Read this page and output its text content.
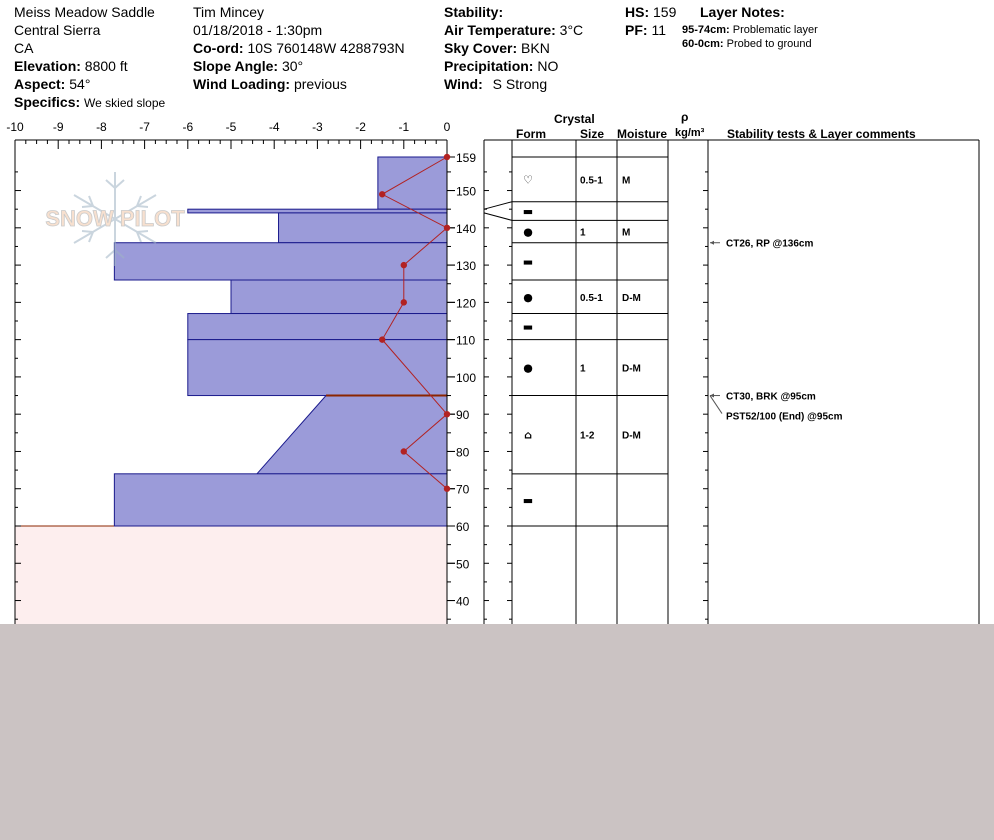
Meiss Meadow Saddle
Central Sierra
CA
Elevation: 8800 ft
Aspect: 54°
Specifics: We skied slope
Tim Mincey
01/18/2018 - 1:30pm
Co-ord: 10S 760148W 4288793N
Slope Angle: 30°
Wind Loading: previous
Stability:
Air Temperature: 3°C
Sky Cover: BKN
Precipitation: NO
Wind: S Strong
HS: 159
PF: 11
Layer Notes:
95-74cm: Problematic layer
60-0cm: Probed to ground
Crystal
Form	Size Moisture
ρ
kg/m³ Stability tests & Layer comments
SNOW PILOT
-10 -9	-8	-7	-6	-5	-4	-3	-2	-1	0
159
150
140
130
120
110
100
90
80
70
60
50
40
♡	0.5-1 M
▬
●	1	M
▬
●	0.5-1 D-M
▬
●	1	D-M
⌂	1-2	D-M
▬
CT26, RP @136cm
CT30, BRK @95cm
PST52/100 (End) @95cm
